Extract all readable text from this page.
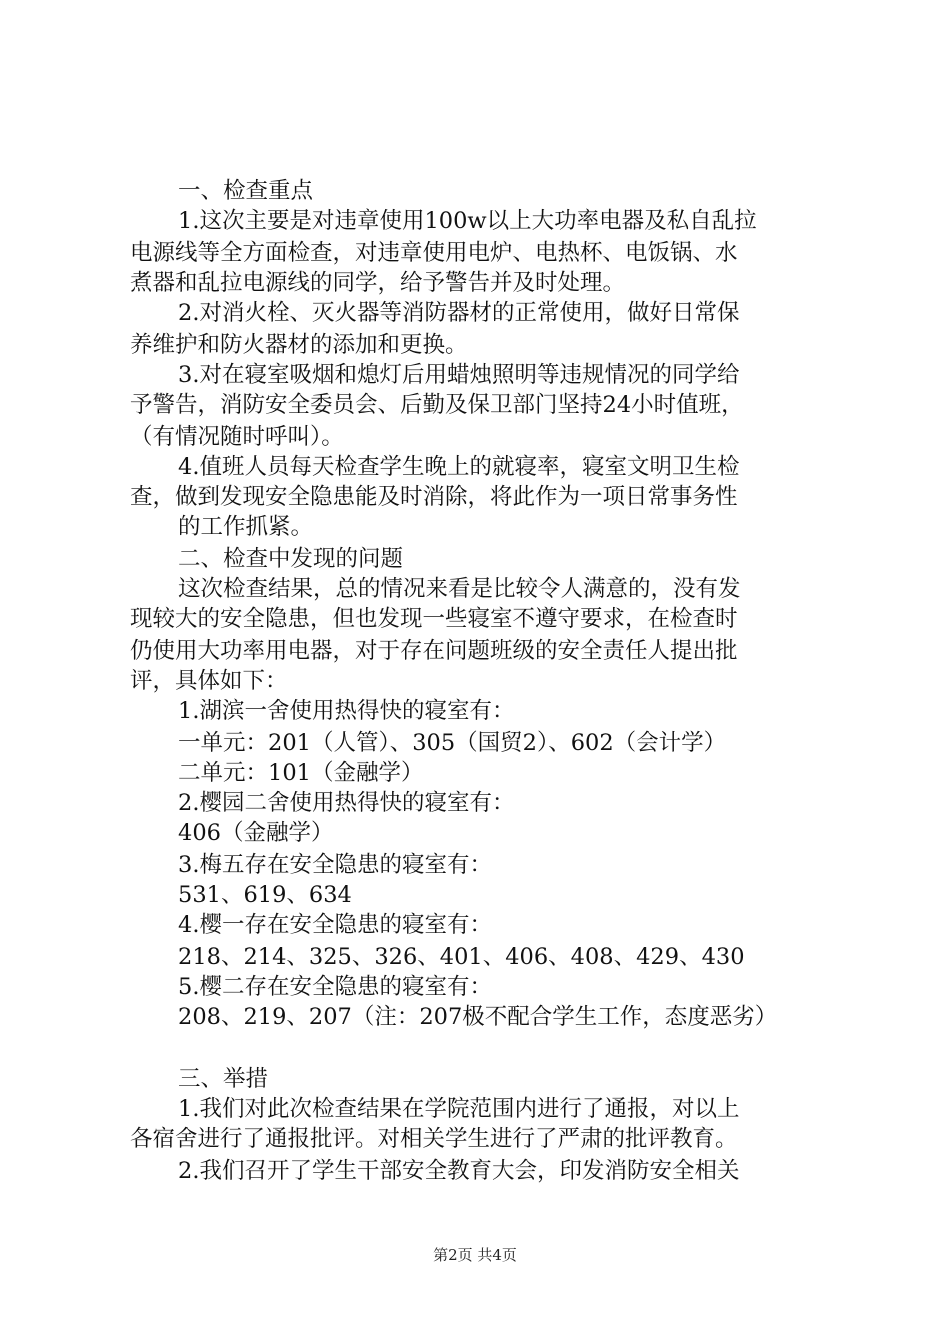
一、检查重点
1.这次主要是对违章使用100w以上大功率电器及私自乱拉
电源线等全方面检查，对违章使用电炉、电热杯、电饭锅、水
煮器和乱拉电源线的同学，给予警告并及时处理。
2.对消火栓、灭火器等消防器材的正常使用，做好日常保
养维护和防火器材的添加和更换。
3.对在寝室吸烟和熄灯后用蜡烛照明等违规情况的同学给
予警告，消防安全委员会、后勤及保卫部门坚持24小时值班，
（有情况随时呼叫）。
4.值班人员每天检查学生晚上的就寝率，寝室文明卫生检
查，做到发现安全隐患能及时消除，将此作为一项日常事务性
的工作抓紧。
二、检查中发现的问题
这次检查结果，总的情况来看是比较令人满意的，没有发
现较大的安全隐患，但也发现一些寝室不遵守要求，在检查时
仍使用大功率用电器，对于存在问题班级的安全责任人提出批
评，具体如下：
1.湖滨一舍使用热得快的寝室有：
一单元：201（人管）、305（国贸2）、602（会计学）
二单元：101（金融学）
2.樱园二舍使用热得快的寝室有：
406（金融学）
3.梅五存在安全隐患的寝室有：
531、619、634
4.樱一存在安全隐患的寝室有：
218、214、325、326、401、406、408、429、430
5.樱二存在安全隐患的寝室有：
208、219、207（注：207极不配合学生工作，态度恶劣）
三、举措
1.我们对此次检查结果在学院范围内进行了通报，对以上
各宿舍进行了通报批评。对相关学生进行了严肃的批评教育。
2.我们召开了学生干部安全教育大会，印发消防安全相关
第2页 共4页
